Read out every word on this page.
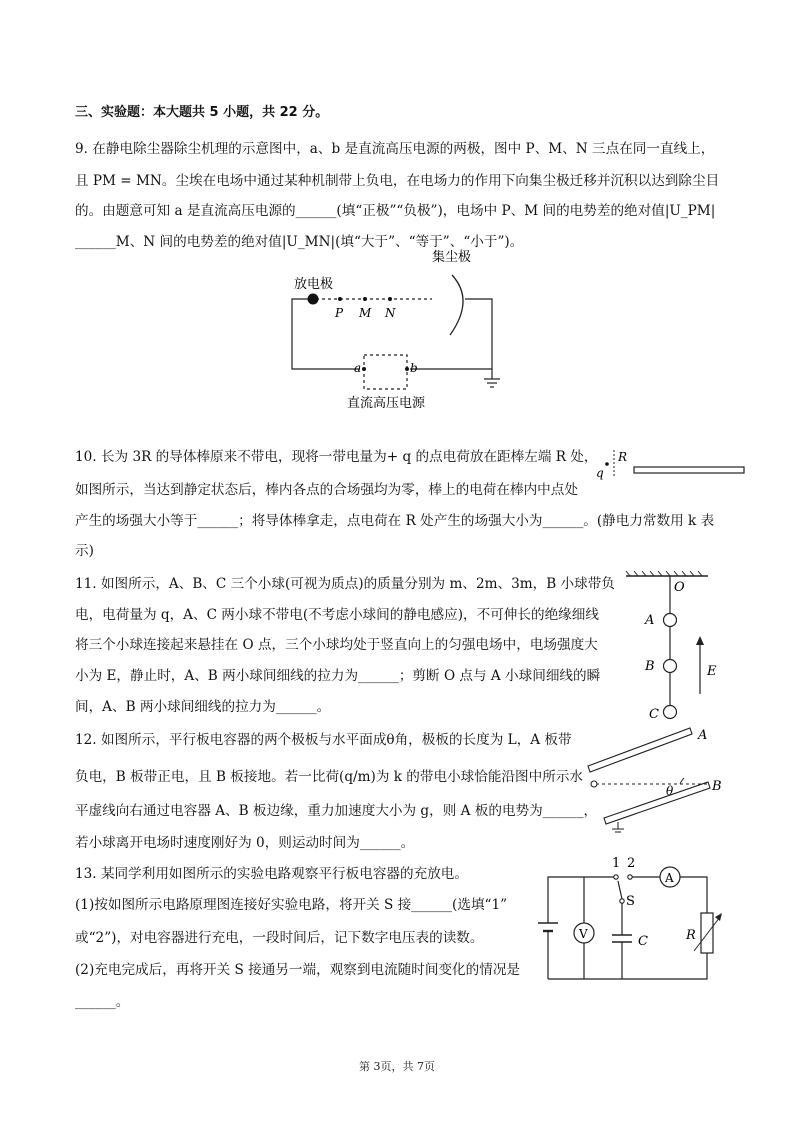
三、实验题：本大题共 5 小题，共 22 分。
9. 在静电除尘器除尘机理的示意图中，a、b 是直流高压电源的两极，图中 P、M、N 三点在同一直线上，
且 PM = MN。尘埃在电场中通过某种机制带上负电，在电场力的作用下向集尘极迁移并沉积以达到除尘目
的。由题意可知 a 是直流高压电源的______(填“正极”“负极”)，电场中 P、M 间的电势差的绝对值|U_PM|
______M、N 间的电势差的绝对值|U_MN|(填“大于”、“等于”、“小于”)。
集尘极
放电极
P M N
a	b
直流高压电源
10. 长为 3R 的导体棒原来不带电，现将一带电量为+ q 的点电荷放在距棒左端 R 处，
如图所示，当达到静定状态后，棒内各点的合场强均为零，棒上的电荷在棒内中点处
产生的场强大小等于______；将导体棒拿走，点电荷在 R 处产生的场强大小为______。(静电力常数用 k 表
示)
q
R
11. 如图所示，A、B、C 三个小球(可视为质点)的质量分别为 m、2m、3m，B 小球带负
电，电荷量为 q，A、C 两小球不带电(不考虑小球间的静电感应)，不可伸长的绝缘细线
将三个小球连接起来悬挂在 O 点，三个小球均处于竖直向上的匀强电场中，电场强度大
小为 E，静止时，A、B 两小球间细线的拉力为______；剪断 O 点与 A 小球间细线的瞬
间，A、B 两小球间细线的拉力为______。
O
A
B
C
E
12. 如图所示，平行板电容器的两个极板与水平面成θ角，极板的长度为 L，A 板带
负电，B 板带正电，且 B 板接地。若一比荷(q/m)为 k 的带电小球恰能沿图中所示水
平虚线向右通过电容器 A、B 板边缘，重力加速度大小为 g，则 A 板的电势为______，
若小球离开电场时速度刚好为 0，则运动时间为______。
A
B
θ
13. 某同学利用如图所示的实验电路观察平行板电容器的充放电。
(1)按如图所示电路原理图连接好实验电路，将开关 S 接______(选填“1”
或“2”)，对电容器进行充电，一段时间后，记下数字电压表的读数。
(2)充电完成后，再将开关 S 接通另一端，观察到电流随时间变化的情况是
______。
V
A
1 2
S
C	R
第 3页，共 7页
